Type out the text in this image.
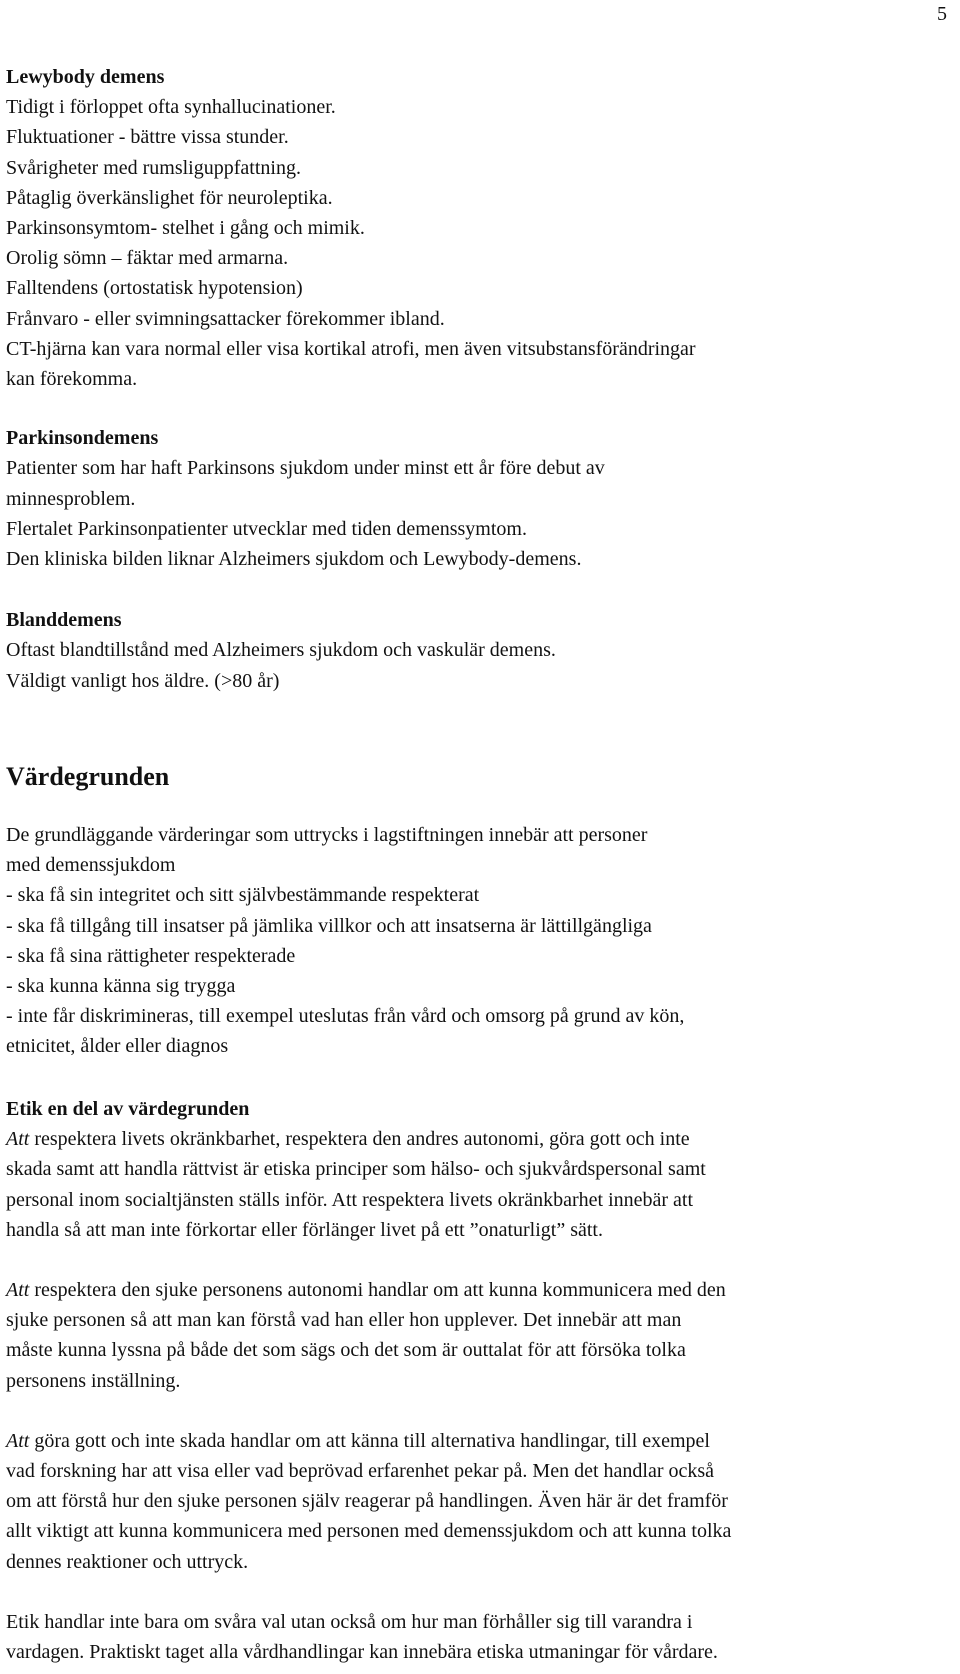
5
Lewybody demens
Tidigt i förloppet ofta synhallucinationer.
Fluktuationer - bättre vissa stunder.
Svårigheter med rumsliguppfattning.
Påtaglig överkänslighet för neuroleptika.
Parkinsonsymtom- stelhet i gång och mimik.
Orolig sömn – fäktar med armarna.
Falltendens (ortostatisk hypotension)
Frånvaro - eller svimningsattacker förekommer ibland.
CT-hjärna kan vara normal eller visa kortikal atrofi, men även vitsubstansförändringar
kan förekomma.
Parkinsondemens
Patienter som har haft Parkinsons sjukdom under minst ett år före debut av
minnesproblem.
Flertalet Parkinsonpatienter utvecklar med tiden demenssymtom.
Den kliniska bilden liknar Alzheimers sjukdom och Lewybody-demens.
Blanddemens
Oftast blandtillstånd med Alzheimers sjukdom och vaskulär demens.
Väldigt vanligt hos äldre. (>80 år)
Värdegrunden
De grundläggande värderingar som uttrycks i lagstiftningen innebär att personer
med demenssjukdom
- ska få sin integritet och sitt självbestämmande respekterat
- ska få tillgång till insatser på jämlika villkor och att insatserna är lättillgängliga
- ska få sina rättigheter respekterade
- ska kunna känna sig trygga
- inte får diskrimineras, till exempel uteslutas från vård och omsorg på grund av kön,
etnicitet, ålder eller diagnos
Etik en del av värdegrunden

Att respektera livets okränkbarhet, respektera den andres autonomi, göra gott och inte
skada samt att handla rättvist är etiska principer som hälso- och sjukvårdspersonal samt
personal inom socialtjänsten ställs inför. Att respektera livets okränkbarhet innebär att
handla så att man inte förkortar eller förlänger livet på ett ”onaturligt” sätt.

Att respektera den sjuke personens autonomi handlar om att kunna kommunicera med den
sjuke personen så att man kan förstå vad han eller hon upplever. Det innebär att man
måste kunna lyssna på både det som sägs och det som är outtalat för att försöka tolka
personens inställning.

Att göra gott och inte skada handlar om att känna till alternativa handlingar, till exempel
vad forskning har att visa eller vad beprövad erfarenhet pekar på. Men det handlar också
om att förstå hur den sjuke personen själv reagerar på handlingen. Även här är det framför
allt viktigt att kunna kommunicera med personen med demenssjukdom och att kunna tolka
dennes reaktioner och uttryck.

Etik handlar inte bara om svåra val utan också om hur man förhåller sig till varandra i
vardagen. Praktiskt taget alla vårdhandlingar kan innebära etiska utmaningar för vårdare.
